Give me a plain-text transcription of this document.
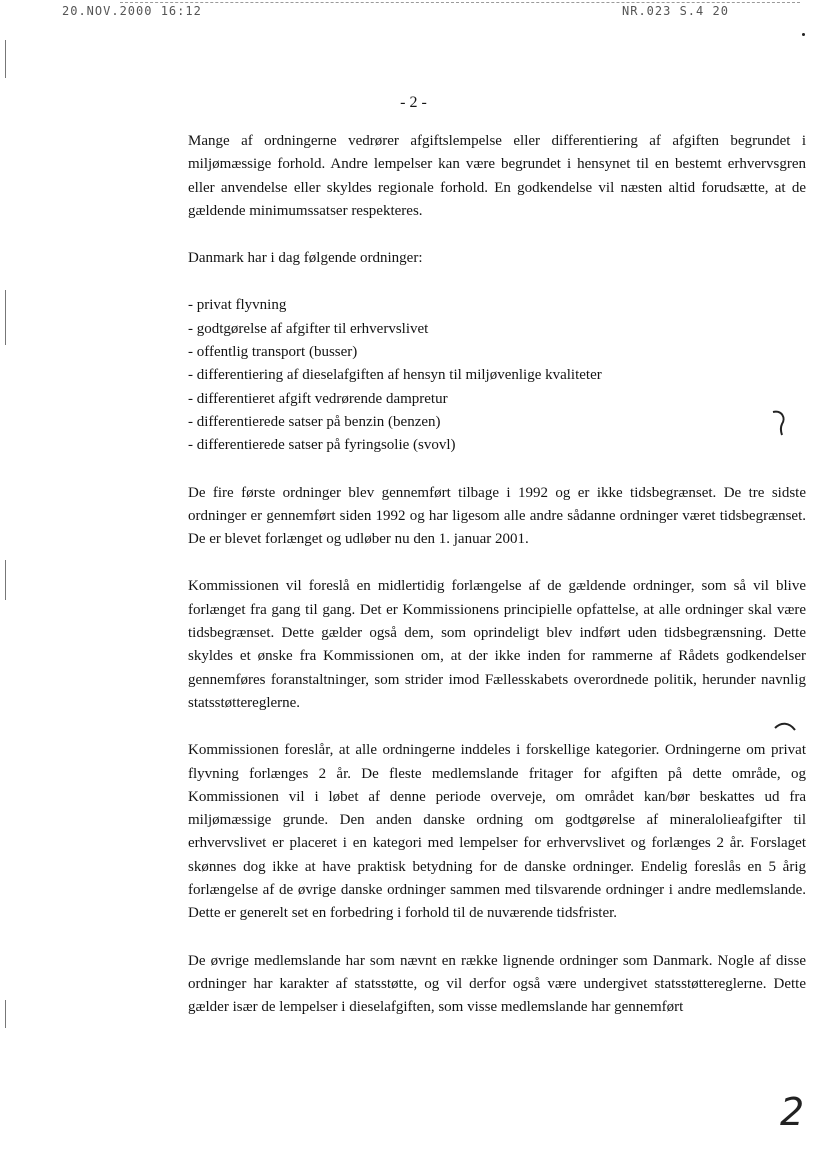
20.NOV.2000 16:12	NR.023 S.4 20
- 2 -

Mange af ordningerne vedrører afgiftslempelse eller differentiering af afgiften begrundet i miljømæssige forhold. Andre lempelser kan være begrundet i hensynet til en bestemt erhvervsgren eller anvendelse eller skyldes regionale forhold. En godkendelse vil næsten altid forudsætte, at de gældende minimumssatser respekteres.

Danmark har i dag følgende ordninger:

- privat flyvning
- godtgørelse af afgifter til erhvervslivet
- offentlig transport (busser)
- differentiering af dieselafgiften af hensyn til miljøvenlige kvaliteter
- differentieret afgift vedrørende dampretur
- differentierede satser på benzin (benzen)
- differentierede satser på fyringsolie (svovl)

De fire første ordninger blev gennemført tilbage i 1992 og er ikke tidsbegrænset. De tre sidste ordninger er gennemført siden 1992 og har ligesom alle andre sådanne ordninger været tidsbegrænset. De er blevet forlænget og udløber nu den 1. januar 2001.

Kommissionen vil foreslå en midlertidig forlængelse af de gældende ordninger, som så vil blive forlænget fra gang til gang. Det er Kommissionens principielle opfattelse, at alle ordninger skal være tidsbegrænset. Dette gælder også dem, som oprindeligt blev indført uden tidsbegrænsning. Dette skyldes et ønske fra Kommissionen om, at der ikke inden for rammerne af Rådets godkendelser gennemføres foranstaltninger, som strider imod Fællesskabets overordnede politik, herunder navnlig statsstøttereglerne.

Kommissionen foreslår, at alle ordningerne inddeles i forskellige kategorier. Ordningerne om privat flyvning forlænges 2 år. De fleste medlemslande fritager for afgiften på dette område, og Kommissionen vil i løbet af denne periode overveje, om området kan/bør beskattes ud fra miljømæssige grunde. Den anden danske ordning om godtgørelse af mineralolieafgifter til erhvervslivet er placeret i en kategori med lempelser for erhvervslivet og forlænges 2 år. Forslaget skønnes dog ikke at have praktisk betydning for de danske ordninger. Endelig foreslås en 5 årig forlængelse af de øvrige danske ordninger sammen med tilsvarende ordninger i andre medlemslande. Dette er generelt set en forbedring i forhold til de nuværende tidsfrister.

De øvrige medlemslande har som nævnt en række lignende ordninger som Danmark. Nogle af disse ordninger har karakter af statsstøtte, og vil derfor også være undergivet statsstøttereglerne. Dette gælder især de lempelser i dieselafgiften, som visse medlemslande har gennemført

2
